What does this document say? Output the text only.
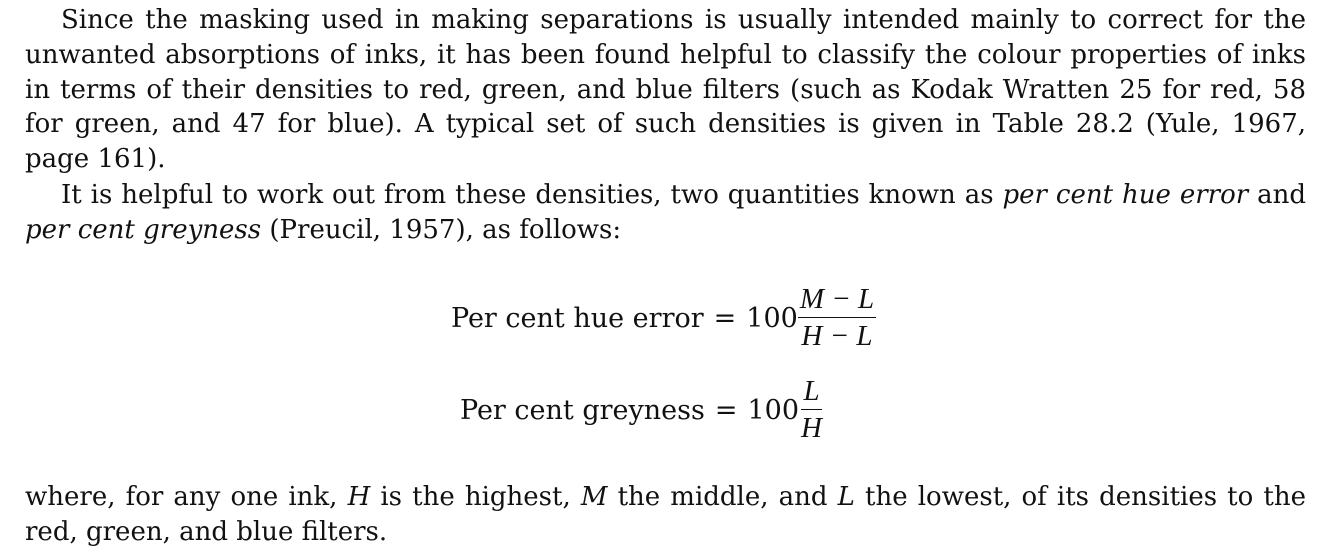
Since the masking used in making separations is usually intended mainly to correct for the unwanted absorptions of inks, it has been found helpful to classify the colour properties of inks in terms of their densities to red, green, and blue filters (such as Kodak Wratten 25 for red, 58 for green, and 47 for blue). A typical set of such densities is given in Table 28.2 (Yule, 1967, page 161).

It is helpful to work out from these densities, two quantities known as per cent hue error and per cent greyness (Preucil, 1957), as follows:

Per cent hue error = $100 \frac{M - L}{H - L}$
Per cent greyness = $100 \frac{L}{H}$

where, for any one ink, H is the highest, M the middle, and L the lowest, of its densities to the red, green, and blue filters.
